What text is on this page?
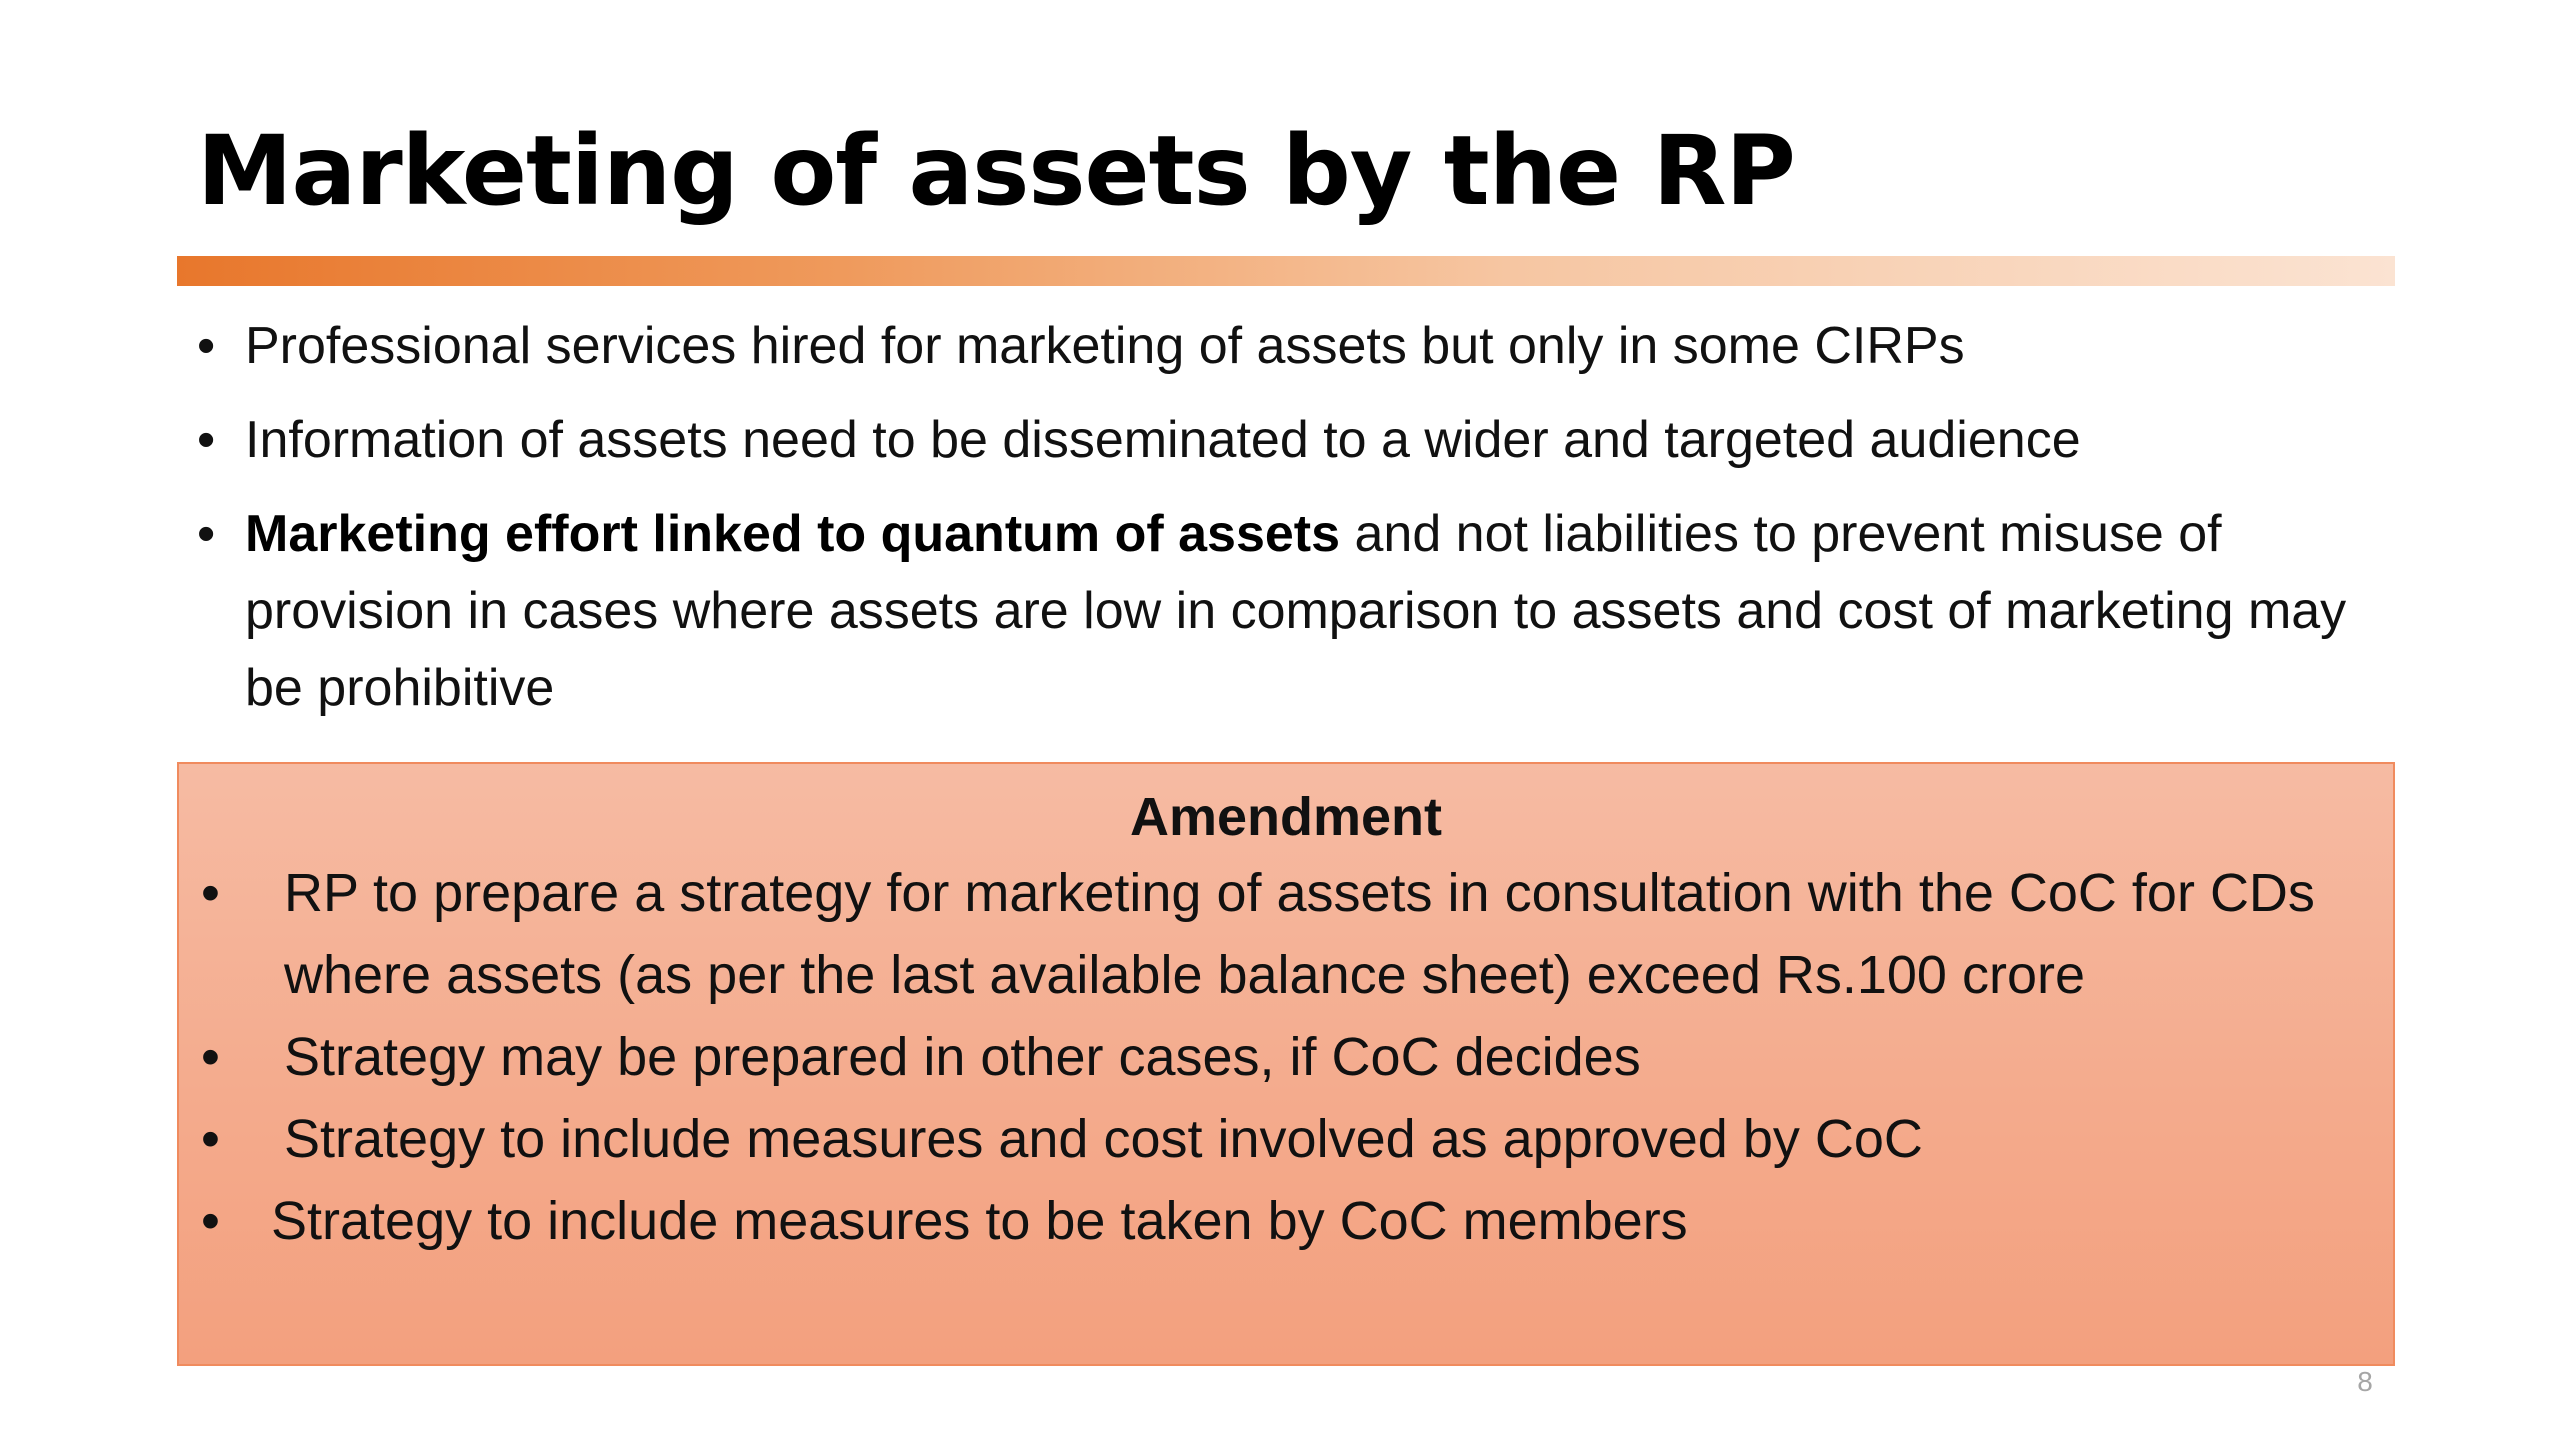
Marketing of assets by the RP
• Professional services hired for marketing of assets but only in some CIRPs
• Information of assets need to be disseminated to a wider and targeted audience
• Marketing effort linked to quantum of assets and not liabilities to prevent misuse of provision in cases where assets are low in comparison to assets and cost of marketing may be prohibitive
Amendment
• RP to prepare a strategy for marketing of assets in consultation with the CoC for CDs where assets (as per the last available balance sheet) exceed Rs.100 crore
• Strategy may be prepared in other cases, if CoC decides
• Strategy to include measures and cost involved as approved by CoC
• Strategy to include measures to be taken by CoC members
8
